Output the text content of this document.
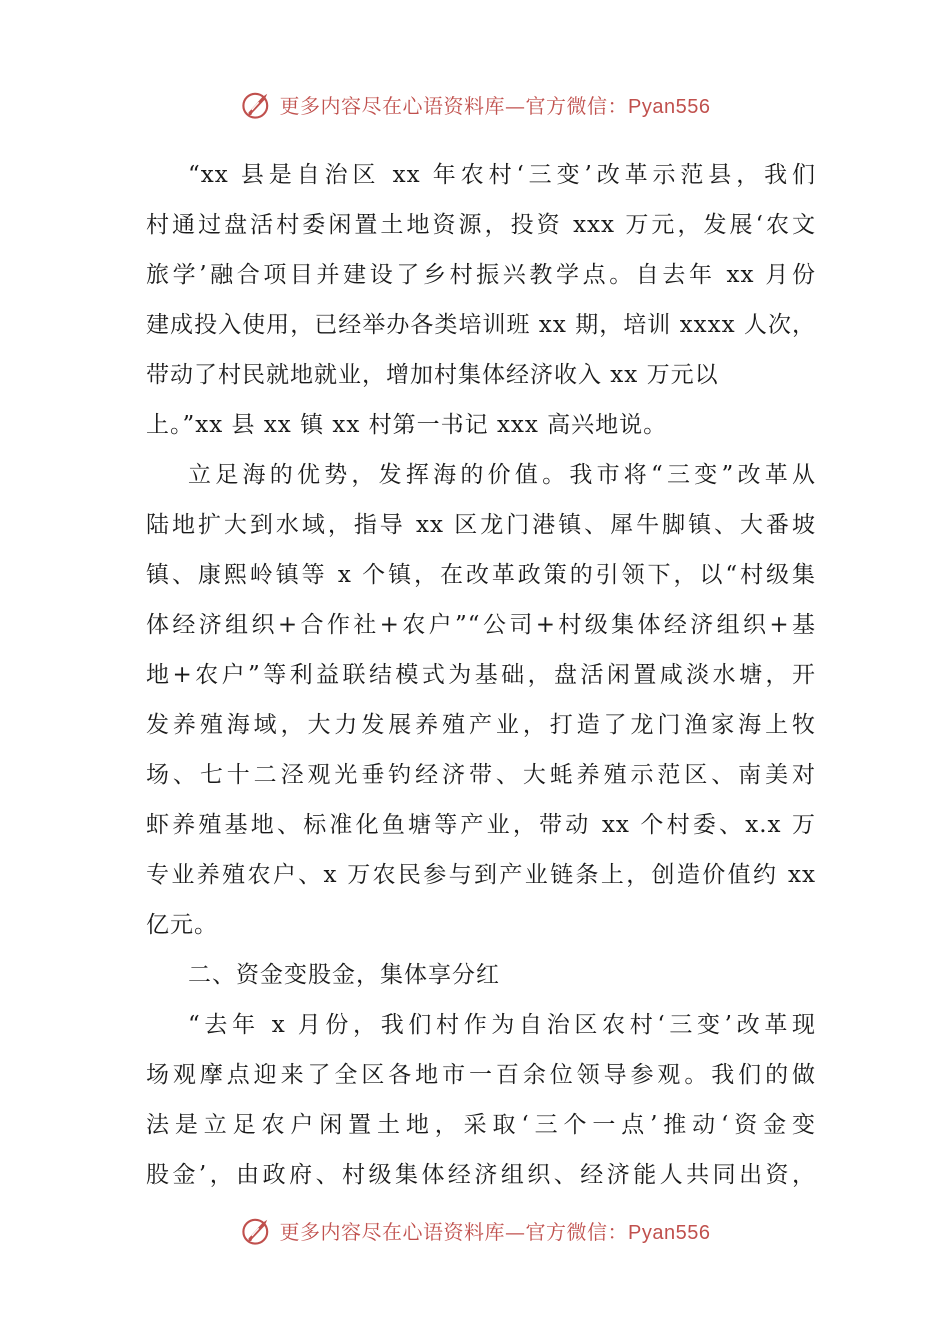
更多内容尽在心语资料库—官方微信：Pyan556
“xx 县是自治区 xx 年农村‘三变’改革示范县，我们
村通过盘活村委闲置土地资源，投资 xxx 万元，发展‘农文
旅学’融合项目并建设了乡村振兴教学点。自去年 xx 月份
建成投入使用，已经举办各类培训班 xx 期，培训 xxxx 人次，
带动了村民就地就业，增加村集体经济收入 xx 万元以
上。”xx 县 xx 镇 xx 村第一书记 xxx 高兴地说。
立足海的优势，发挥海的价值。我市将“三变”改革从
陆地扩大到水域，指导 xx 区龙门港镇、犀牛脚镇、大番坡
镇、康熙岭镇等 x 个镇，在改革政策的引领下，以“村级集
体经济组织+合作社+农户”“公司+村级集体经济组织+基
地+农户”等利益联结模式为基础，盘活闲置咸淡水塘，开
发养殖海域，大力发展养殖产业，打造了龙门渔家海上牧
场、七十二泾观光垂钓经济带、大蚝养殖示范区、南美对
虾养殖基地、标准化鱼塘等产业，带动 xx 个村委、x.x 万
专业养殖农户、x 万农民参与到产业链条上，创造价值约 xx
亿元。
二、资金变股金，集体享分红
“去年 x 月份，我们村作为自治区农村‘三变’改革现
场观摩点迎来了全区各地市一百余位领导参观。我们的做
法是立足农户闲置土地，采取‘三个一点’推动‘资金变
股金’，由政府、村级集体经济组织、经济能人共同出资，
更多内容尽在心语资料库—官方微信：Pyan556
